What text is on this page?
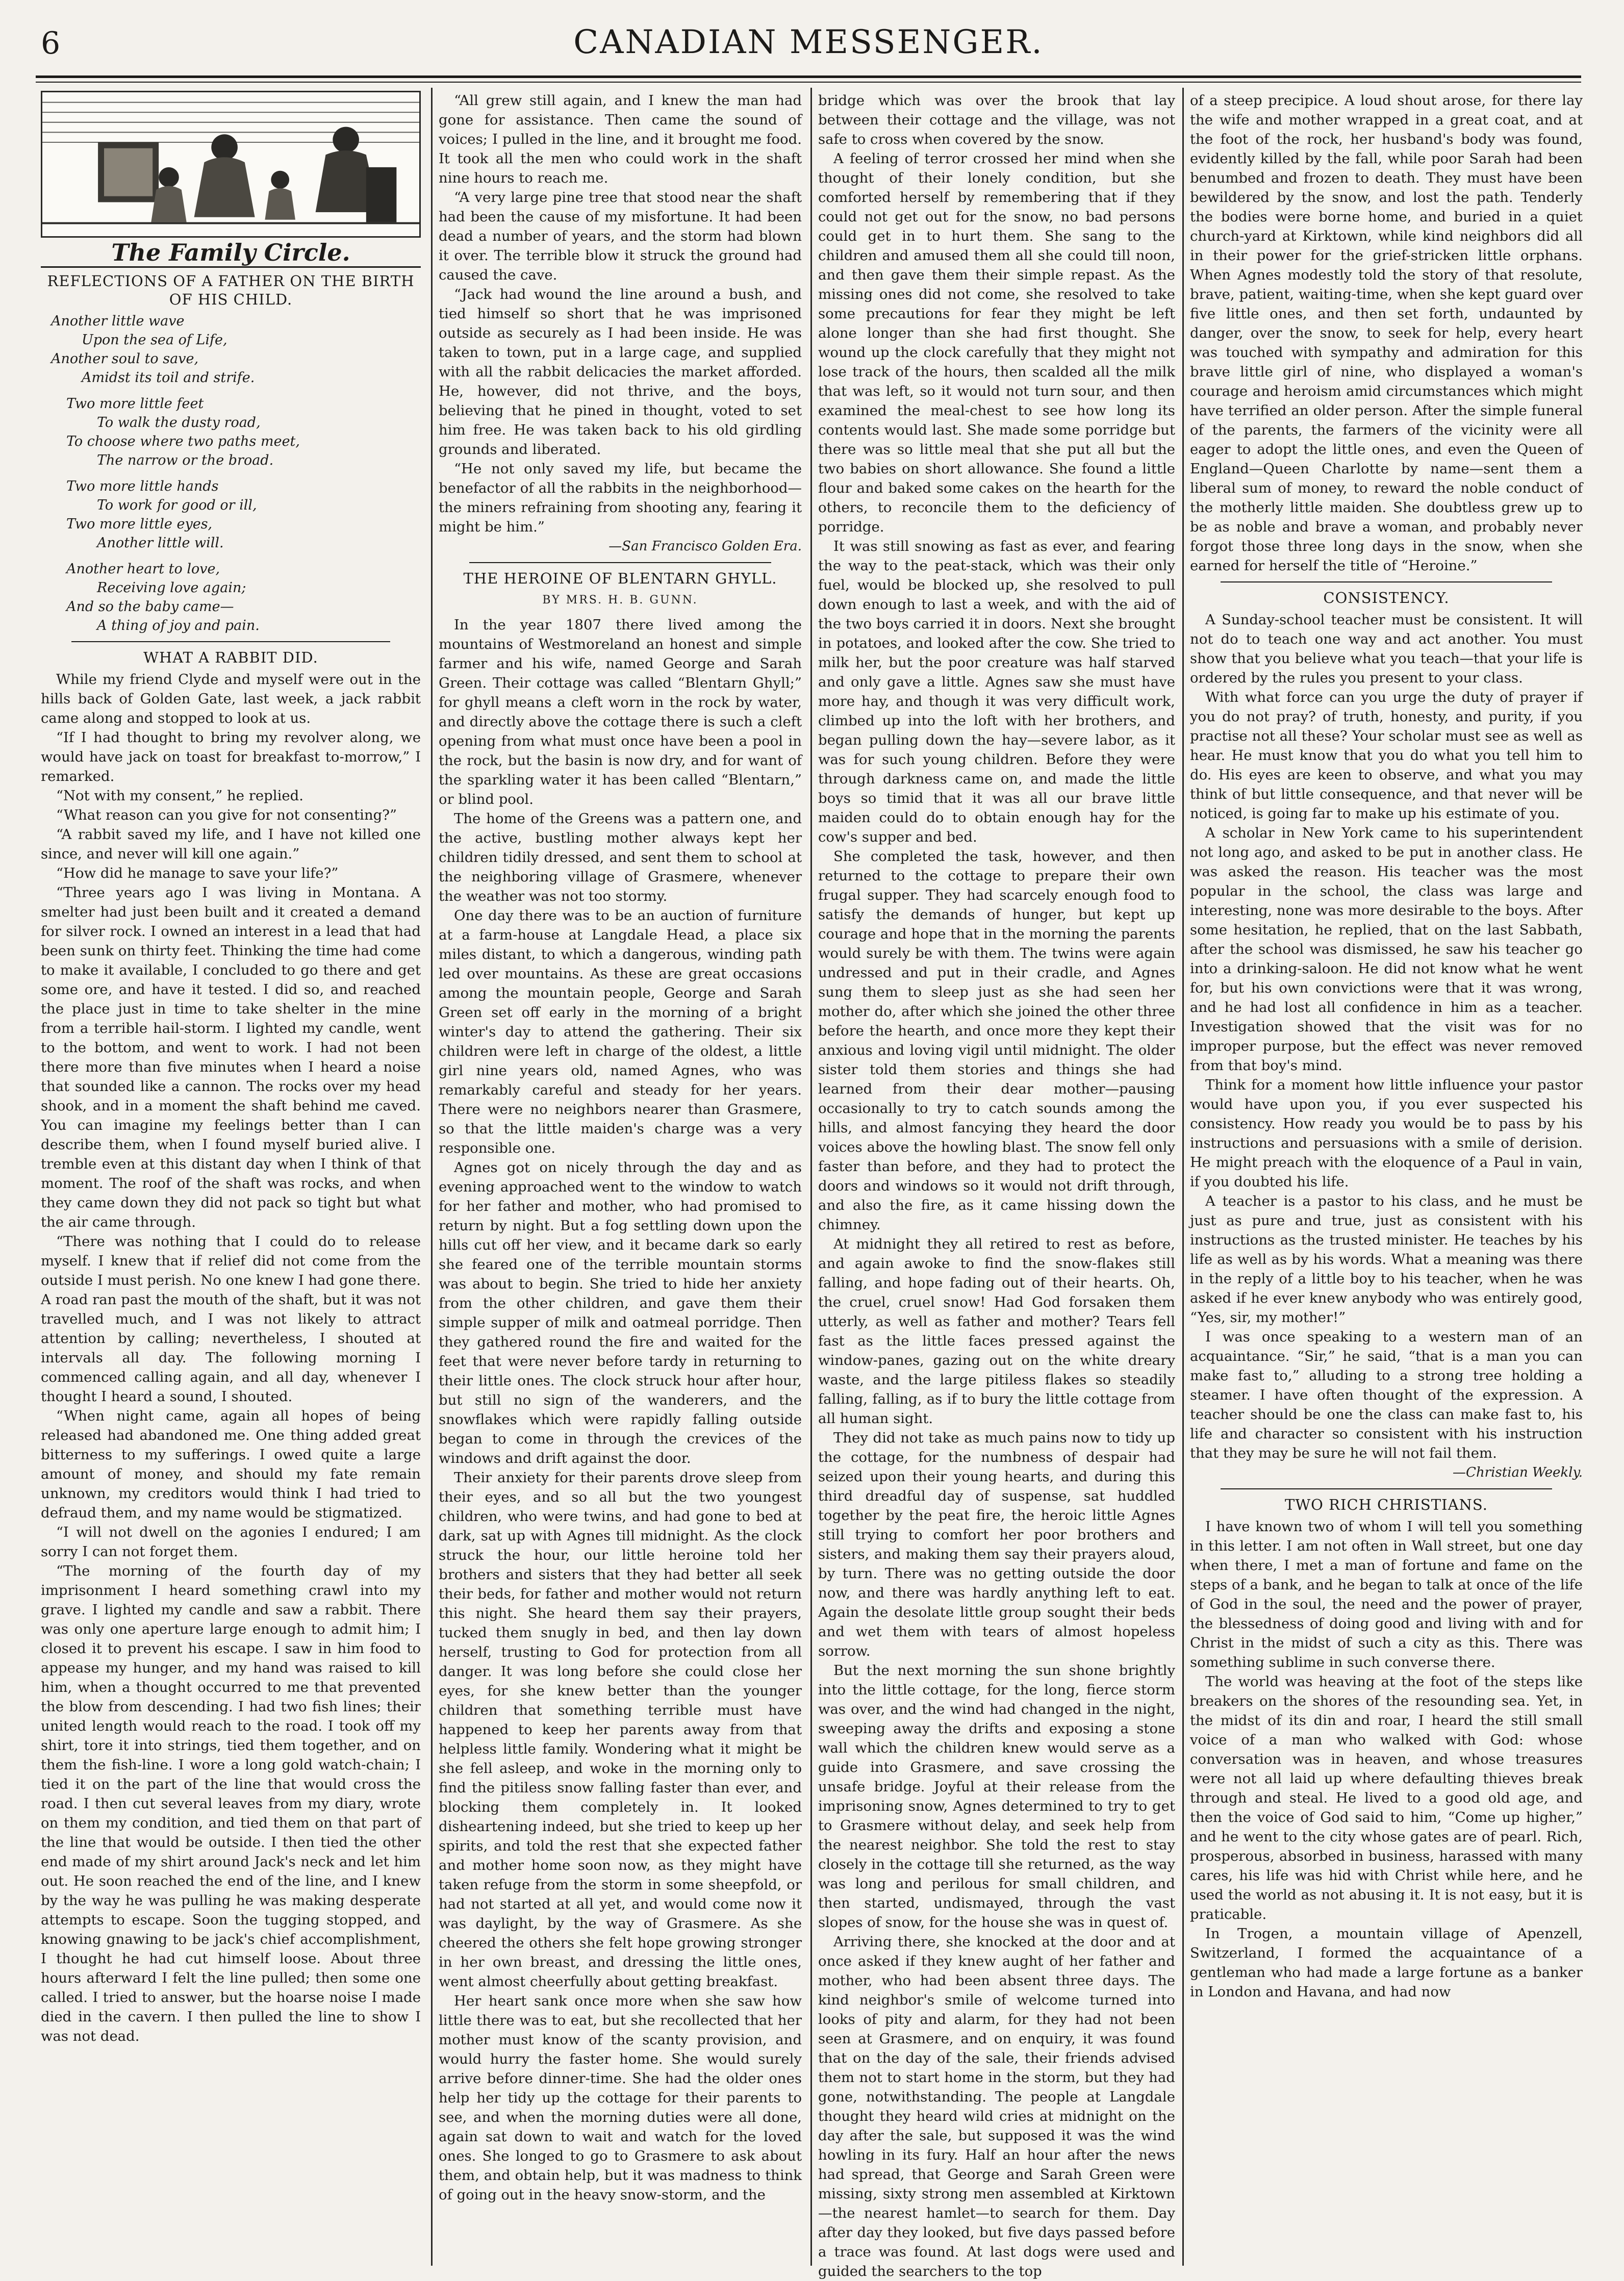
6	CANADIAN MESSENGER.
The Family Circle.
REFLECTIONS OF A FATHER ON THE BIRTH OF HIS CHILD.
Another little wave
Upon the sea of Life,
Another soul to save,
Amidst its toil and strife.
Two more little feet
To walk the dusty road,
To choose where two paths meet,
The narrow or the broad.
Two more little hands
To work for good or ill,
Two more little eyes,
Another little will.
Another heart to love,
Receiving love again;
And so the baby came—
A thing of joy and pain.
WHAT A RABBIT DID.

While my friend Clyde and myself were out in the hills back of Golden Gate, last week, a jack rabbit came along and stopped to look at us.

“If I had thought to bring my revolver along, we would have jack on toast for breakfast to-morrow,” I remarked.

“Not with my consent,” he replied.

“What reason can you give for not consenting?”

“A rabbit saved my life, and I have not killed one since, and never will kill one again.”

“How did he manage to save your life?”

“Three years ago I was living in Montana. A smelter had just been built and it created a demand for silver rock. I owned an interest in a lead that had been sunk on thirty feet. Thinking the time had come to make it available, I concluded to go there and get some ore, and have it tested. I did so, and reached the place just in time to take shelter in the mine from a terrible hail-storm. I lighted my candle, went to the bottom, and went to work. I had not been there more than five minutes when I heard a noise that sounded like a cannon. The rocks over my head shook, and in a moment the shaft behind me caved. You can imagine my feelings better than I can describe them, when I found myself buried alive. I tremble even at this distant day when I think of that moment. The roof of the shaft was rocks, and when they came down they did not pack so tight but what the air came through.

“There was nothing that I could do to release myself. I knew that if relief did not come from the outside I must perish. No one knew I had gone there. A road ran past the mouth of the shaft, but it was not travelled much, and I was not likely to attract attention by calling; nevertheless, I shouted at intervals all day. The following morning I commenced calling again, and all day, whenever I thought I heard a sound, I shouted.

“When night came, again all hopes of being released had abandoned me. One thing added great bitterness to my sufferings. I owed quite a large amount of money, and should my fate remain unknown, my creditors would think I had tried to defraud them, and my name would be stigmatized.

“I will not dwell on the agonies I endured; I am sorry I can not forget them.

“The morning of the fourth day of my imprisonment I heard something crawl into my grave. I lighted my candle and saw a rabbit. There was only one aperture large enough to admit him; I closed it to prevent his escape. I saw in him food to appease my hunger, and my hand was raised to kill him, when a thought occurred to me that prevented the blow from descending. I had two fish lines; their united length would reach to the road. I took off my shirt, tore it into strings, tied them together, and on them the fish-line. I wore a long gold watch-chain; I tied it on the part of the line that would cross the road. I then cut several leaves from my diary, wrote on them my condition, and tied them on that part of the line that would be outside. I then tied the other end made of my shirt around Jack's neck and let him out. He soon reached the end of the line, and I knew by the way he was pulling he was making desperate attempts to escape. Soon the tugging stopped, and knowing gnawing to be jack's chief accomplishment, I thought he had cut himself loose. About three hours afterward I felt the line pulled; then some one called. I tried to answer, but the hoarse noise I made died in the cavern. I then pulled the line to show I was not dead.

“All grew still again, and I knew the man had gone for assistance. Then came the sound of voices; I pulled in the line, and it brought me food. It took all the men who could work in the shaft nine hours to reach me.

“A very large pine tree that stood near the shaft had been the cause of my misfortune. It had been dead a number of years, and the storm had blown it over. The terrible blow it struck the ground had caused the cave.

“Jack had wound the line around a bush, and tied himself so short that he was imprisoned outside as securely as I had been inside. He was taken to town, put in a large cage, and supplied with all the rabbit delicacies the market afforded. He, however, did not thrive, and the boys, believing that he pined in thought, voted to set him free. He was taken back to his old girdling grounds and liberated.

“He not only saved my life, but became the benefactor of all the rabbits in the neighborhood—the miners refraining from shooting any, fearing it might be him.”

—San Francisco Golden Era.
THE HEROINE OF BLENTARN GHYLL.
BY MRS. H. B. GUNN.

In the year 1807 there lived among the mountains of Westmoreland an honest and simple farmer and his wife, named George and Sarah Green. Their cottage was called “Blentarn Ghyll;” for ghyll means a cleft worn in the rock by water, and directly above the cottage there is such a cleft opening from what must once have been a pool in the rock, but the basin is now dry, and for want of the sparkling water it has been called “Blentarn,” or blind pool.

The home of the Greens was a pattern one, and the active, bustling mother always kept her children tidily dressed, and sent them to school at the neighboring village of Grasmere, whenever the weather was not too stormy.

One day there was to be an auction of furniture at a farm-house at Langdale Head, a place six miles distant, to which a dangerous, winding path led over mountains. As these are great occasions among the mountain people, George and Sarah Green set off early in the morning of a bright winter's day to attend the gathering. Their six children were left in charge of the oldest, a little girl nine years old, named Agnes, who was remarkably careful and steady for her years. There were no neighbors nearer than Grasmere, so that the little maiden's charge was a very responsible one.

Agnes got on nicely through the day and as evening approached went to the window to watch for her father and mother, who had promised to return by night. But a fog settling down upon the hills cut off her view, and it became dark so early she feared one of the terrible mountain storms was about to begin. She tried to hide her anxiety from the other children, and gave them their simple supper of milk and oatmeal porridge. Then they gathered round the fire and waited for the feet that were never before tardy in returning to their little ones. The clock struck hour after hour, but still no sign of the wanderers, and the snowflakes which were rapidly falling outside began to come in through the crevices of the windows and drift against the door.

Their anxiety for their parents drove sleep from their eyes, and so all but the two youngest children, who were twins, and had gone to bed at dark, sat up with Agnes till midnight. As the clock struck the hour, our little heroine told her brothers and sisters that they had better all seek their beds, for father and mother would not return this night. She heard them say their prayers, tucked them snugly in bed, and then lay down herself, trusting to God for protection from all danger. It was long before she could close her eyes, for she knew better than the younger children that something terrible must have happened to keep her parents away from that helpless little family. Wondering what it might be she fell asleep, and woke in the morning only to find the pitiless snow falling faster than ever, and blocking them completely in. It looked disheartening indeed, but she tried to keep up her spirits, and told the rest that she expected father and mother home soon now, as they might have taken refuge from the storm in some sheepfold, or had not started at all yet, and would come now it was daylight, by the way of Grasmere. As she cheered the others she felt hope growing stronger in her own breast, and dressing the little ones, went almost cheerfully about getting breakfast.

Her heart sank once more when she saw how little there was to eat, but she recollected that her mother must know of the scanty provision, and would hurry the faster home. She would surely arrive before dinner-time. She had the older ones help her tidy up the cottage for their parents to see, and when the morning duties were all done, again sat down to wait and watch for the loved ones. She longed to go to Grasmere to ask about them, and obtain help, but it was madness to think of going out in the heavy snow-storm, and the

bridge which was over the brook that lay between their cottage and the village, was not safe to cross when covered by the snow.

A feeling of terror crossed her mind when she thought of their lonely condition, but she comforted herself by remembering that if they could not get out for the snow, no bad persons could get in to hurt them. She sang to the children and amused them all she could till noon, and then gave them their simple repast. As the missing ones did not come, she resolved to take some precautions for fear they might be left alone longer than she had first thought. She wound up the clock carefully that they might not lose track of the hours, then scalded all the milk that was left, so it would not turn sour, and then examined the meal-chest to see how long its contents would last. She made some porridge but there was so little meal that she put all but the two babies on short allowance. She found a little flour and baked some cakes on the hearth for the others, to reconcile them to the deficiency of porridge.

It was still snowing as fast as ever, and fearing the way to the peat-stack, which was their only fuel, would be blocked up, she resolved to pull down enough to last a week, and with the aid of the two boys carried it in doors. Next she brought in potatoes, and looked after the cow. She tried to milk her, but the poor creature was half starved and only gave a little. Agnes saw she must have more hay, and though it was very difficult work, climbed up into the loft with her brothers, and began pulling down the hay—severe labor, as it was for such young children. Before they were through darkness came on, and made the little boys so timid that it was all our brave little maiden could do to obtain enough hay for the cow's supper and bed.

She completed the task, however, and then returned to the cottage to prepare their own frugal supper. They had scarcely enough food to satisfy the demands of hunger, but kept up courage and hope that in the morning the parents would surely be with them. The twins were again undressed and put in their cradle, and Agnes sung them to sleep just as she had seen her mother do, after which she joined the other three before the hearth, and once more they kept their anxious and loving vigil until midnight. The older sister told them stories and things she had learned from their dear mother—pausing occasionally to try to catch sounds among the hills, and almost fancying they heard the door voices above the howling blast. The snow fell only faster than before, and they had to protect the doors and windows so it would not drift through, and also the fire, as it came hissing down the chimney.

At midnight they all retired to rest as before, and again awoke to find the snow-flakes still falling, and hope fading out of their hearts. Oh, the cruel, cruel snow! Had God forsaken them utterly, as well as father and mother? Tears fell fast as the little faces pressed against the window-panes, gazing out on the white dreary waste, and the large pitiless flakes so steadily falling, falling, as if to bury the little cottage from all human sight.

They did not take as much pains now to tidy up the cottage, for the numbness of despair had seized upon their young hearts, and during this third dreadful day of suspense, sat huddled together by the peat fire, the heroic little Agnes still trying to comfort her poor brothers and sisters, and making them say their prayers aloud, by turn. There was no getting outside the door now, and there was hardly anything left to eat. Again the desolate little group sought their beds and wet them with tears of almost hopeless sorrow.

But the next morning the sun shone brightly into the little cottage, for the long, fierce storm was over, and the wind had changed in the night, sweeping away the drifts and exposing a stone wall which the children knew would serve as a guide into Grasmere, and save crossing the unsafe bridge. Joyful at their release from the imprisoning snow, Agnes determined to try to get to Grasmere without delay, and seek help from the nearest neighbor. She told the rest to stay closely in the cottage till she returned, as the way was long and perilous for small children, and then started, undismayed, through the vast slopes of snow, for the house she was in quest of.

Arriving there, she knocked at the door and at once asked if they knew aught of her father and mother, who had been absent three days. The kind neighbor's smile of welcome turned into looks of pity and alarm, for they had not been seen at Grasmere, and on enquiry, it was found that on the day of the sale, their friends advised them not to start home in the storm, but they had gone, notwithstanding. The people at Langdale thought they heard wild cries at midnight on the day after the sale, but supposed it was the wind howling in its fury. Half an hour after the news had spread, that George and Sarah Green were missing, sixty strong men assembled at Kirktown—the nearest hamlet—to search for them. Day after day they looked, but five days passed before a trace was found. At last dogs were used and guided the searchers to the top

of a steep precipice. A loud shout arose, for there lay the wife and mother wrapped in a great coat, and at the foot of the rock, her husband's body was found, evidently killed by the fall, while poor Sarah had been benumbed and frozen to death. They must have been bewildered by the snow, and lost the path. Tenderly the bodies were borne home, and buried in a quiet church-yard at Kirktown, while kind neighbors did all in their power for the grief-stricken little orphans. When Agnes modestly told the story of that resolute, brave, patient, waiting-time, when she kept guard over five little ones, and then set forth, undaunted by danger, over the snow, to seek for help, every heart was touched with sympathy and admiration for this brave little girl of nine, who displayed a woman's courage and heroism amid circumstances which might have terrified an older person. After the simple funeral of the parents, the farmers of the vicinity were all eager to adopt the little ones, and even the Queen of England—Queen Charlotte by name—sent them a liberal sum of money, to reward the noble conduct of the motherly little maiden. She doubtless grew up to be as noble and brave a woman, and probably never forgot those three long days in the snow, when she earned for herself the title of “Heroine.”

CONSISTENCY.

A Sunday-school teacher must be consistent. It will not do to teach one way and act another. You must show that you believe what you teach—that your life is ordered by the rules you present to your class.

With what force can you urge the duty of prayer if you do not pray? of truth, honesty, and purity, if you practise not all these? Your scholar must see as well as hear. He must know that you do what you tell him to do. His eyes are keen to observe, and what you may think of but little consequence, and that never will be noticed, is going far to make up his estimate of you.

A scholar in New York came to his superintendent not long ago, and asked to be put in another class. He was asked the reason. His teacher was the most popular in the school, the class was large and interesting, none was more desirable to the boys. After some hesitation, he replied, that on the last Sabbath, after the school was dismissed, he saw his teacher go into a drinking-saloon. He did not know what he went for, but his own convictions were that it was wrong, and he had lost all confidence in him as a teacher. Investigation showed that the visit was for no improper purpose, but the effect was never removed from that boy's mind.

Think for a moment how little influence your pastor would have upon you, if you ever suspected his consistency. How ready you would be to pass by his instructions and persuasions with a smile of derision. He might preach with the eloquence of a Paul in vain, if you doubted his life.

A teacher is a pastor to his class, and he must be just as pure and true, just as consistent with his instructions as the trusted minister. He teaches by his life as well as by his words. What a meaning was there in the reply of a little boy to his teacher, when he was asked if he ever knew anybody who was entirely good, “Yes, sir, my mother!”

I was once speaking to a western man of an acquaintance. “Sir,” he said, “that is a man you can make fast to,” alluding to a strong tree holding a steamer. I have often thought of the expression. A teacher should be one the class can make fast to, his life and character so consistent with his instruction that they may be sure he will not fail them.

—Christian Weekly.
TWO RICH CHRISTIANS.

I have known two of whom I will tell you something in this letter. I am not often in Wall street, but one day when there, I met a man of fortune and fame on the steps of a bank, and he began to talk at once of the life of God in the soul, the need and the power of prayer, the blessedness of doing good and living with and for Christ in the midst of such a city as this. There was something sublime in such converse there.

The world was heaving at the foot of the steps like breakers on the shores of the resounding sea. Yet, in the midst of its din and roar, I heard the still small voice of a man who walked with God: whose conversation was in heaven, and whose treasures were not all laid up where defaulting thieves break through and steal. He lived to a good old age, and then the voice of God said to him, “Come up higher,” and he went to the city whose gates are of pearl. Rich, prosperous, absorbed in business, harassed with many cares, his life was hid with Christ while here, and he used the world as not abusing it. It is not easy, but it is praticable.

In Trogen, a mountain village of Apenzell, Switzerland, I formed the acquaintance of a gentleman who had made a large fortune as a banker in London and Havana, and had now
